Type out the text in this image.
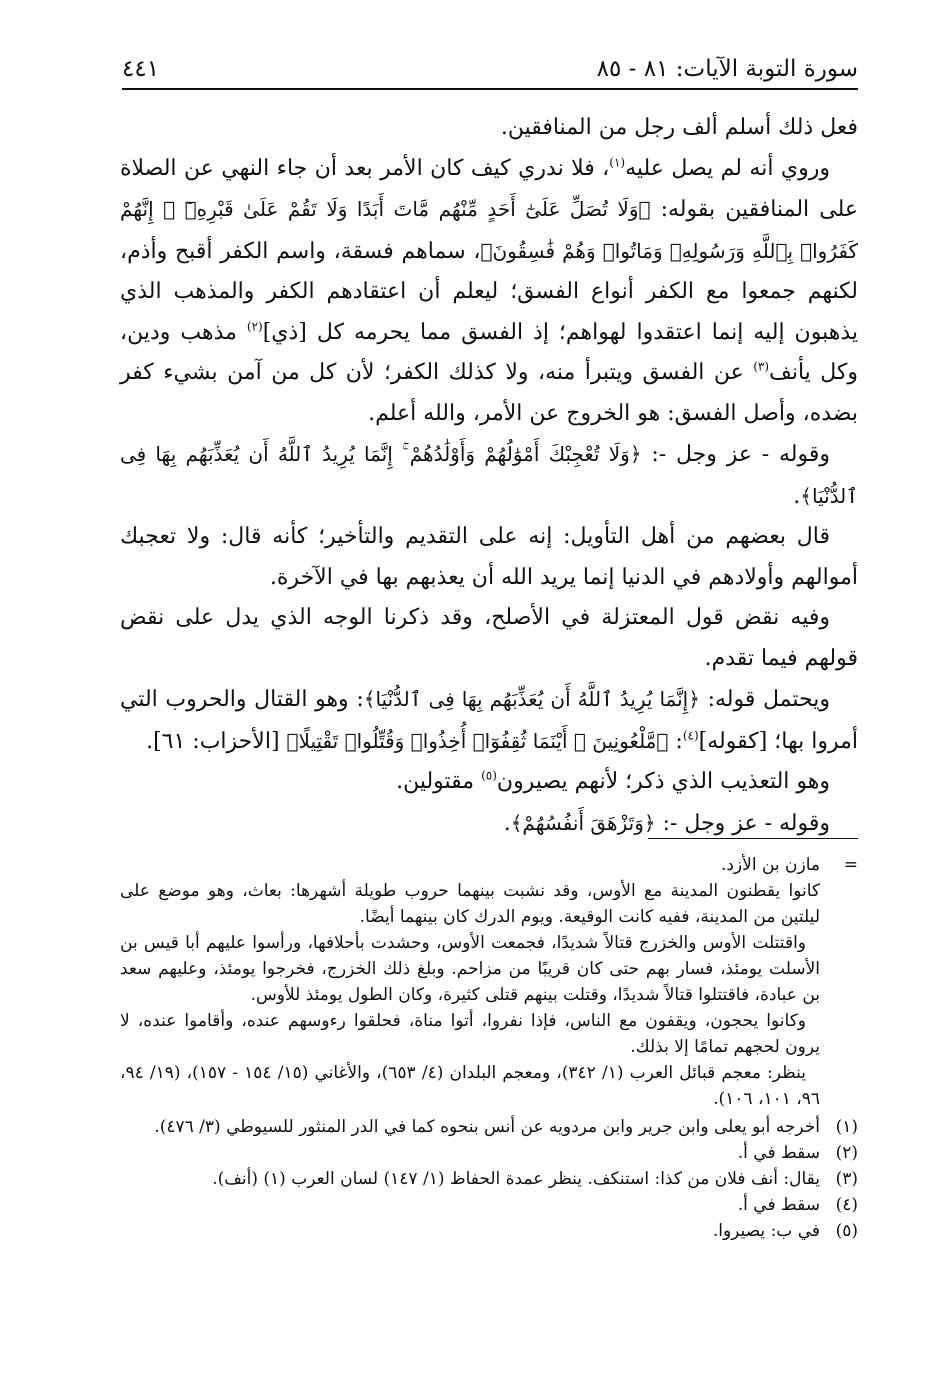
سورة التوبة الآيات: ٨١ - ٨٥
٤٤١

فعل ذلك أسلم ألف رجل من المنافقين.

وروي أنه لم يصل عليه$^{(١)}$، فلا ندري كيف كان الأمر بعد أن جاء النهي عن الصلاة على المنافقين بقوله: ﴿وَلَا تُصَلِّ عَلَىٰٓ أَحَدٍ مِّنْهُم مَّاتَ أَبَدًا وَلَا تَقُمْ عَلَىٰ قَبْرِهِۦٓ ۖ إِنَّهُمْ كَفَرُوا۟ بِٱللَّهِ وَرَسُولِهِۦ وَمَاتُوا۟ وَهُمْ فَٰسِقُونَ﴾، سماهم فسقة، واسم الكفر أقبح وأذم، لكنهم جمعوا مع الكفر أنواع الفسق؛ ليعلم أن اعتقادهم الكفر والمذهب الذي يذهبون إليه إنما اعتقدوا لهواهم؛ إذ الفسق مما يحرمه كل [ذي]$^{(٢)}$ مذهب ودين، وكل يأنف$^{(٣)}$ عن الفسق ويتبرأ منه، ولا كذلك الكفر؛ لأن كل من آمن بشيء كفر بضده، وأصل الفسق: هو الخروج عن الأمر، والله أعلم.

وقوله - عز وجل -: ﴿وَلَا تُعْجِبْكَ أَمْوَٰلُهُمْ وَأَوْلَٰدُهُمْ ۚ إِنَّمَا يُرِيدُ ٱللَّهُ أَن يُعَذِّبَهُم بِهَا فِى ٱلدُّنْيَا﴾.

قال بعضهم من أهل التأويل: إنه على التقديم والتأخير؛ كأنه قال: ولا تعجبك أموالهم وأولادهم في الدنيا إنما يريد الله أن يعذبهم بها في الآخرة.

وفيه نقض قول المعتزلة في الأصلح، وقد ذكرنا الوجه الذي يدل على نقض قولهم فيما تقدم.

ويحتمل قوله: ﴿إِنَّمَا يُرِيدُ ٱللَّهُ أَن يُعَذِّبَهُم بِهَا فِى ٱلدُّنْيَا﴾: وهو القتال والحروب التي أمروا بها؛ [كقوله]$^{(٤)}$: ﴿مَّلْعُونِينَ ۖ أَيْنَمَا ثُقِفُوٓا۟ أُخِذُوا۟ وَقُتِّلُوا۟ تَقْتِيلًا﴾ [الأحزاب: ٦١].

وهو التعذيب الذي ذكر؛ لأنهم يصيرون$^{(٥)}$ مقتولين.

وقوله - عز وجل -: ﴿وَتَزْهَقَ أَنفُسُهُمْ﴾.

=
مازن بن الأزد.

كانوا يقطنون المدينة مع الأوس، وقد نشبت بينهما حروب طويلة أشهرها: بعاث، وهو موضع على ليلتين من المدينة، ففيه كانت الوقيعة. ويوم الدرك كان بينهما أيضًا.

واقتتلت الأوس والخزرج قتالاً شديدًا، فجمعت الأوس، وحشدت بأحلافها، ورأسوا عليهم أبا قيس بن الأسلت يومئذ، فسار بهم حتى كان قريبًا من مزاحم. وبلغ ذلك الخزرج، فخرجوا يومئذ، وعليهم سعد بن عبادة، فاقتتلوا قتالاً شديدًا، وقتلت بينهم قتلى كثيرة، وكان الطول يومئذ للأوس.

وكانوا يحجون، ويقفون مع الناس، فإذا نفروا، أتوا مناة، فحلقوا رءوسهم عنده، وأقاموا عنده، لا يرون لحجهم تمامًا إلا بذلك.

ينظر: معجم قبائل العرب (١/ ٣٤٢)، ومعجم البلدان (٤/ ٦٥٣)، والأغاني (١٥/ ١٥٤ - ١٥٧)، (١٩/ ٩٤، ٩٦، ١٠١، ١٠٦).

(١)
أخرجه أبو يعلى وابن جرير وابن مردويه عن أنس بنحوه كما في الدر المنثور للسيوطي (٣/ ٤٧٦).
(٢)
سقط في أ.
(٣)
يقال: أنف فلان من كذا: استنكف. ينظر عمدة الحفاظ (١/ ١٤٧) لسان العرب (١) (أنف).
(٤)
سقط في أ.
(٥)
في ب: يصيروا.
